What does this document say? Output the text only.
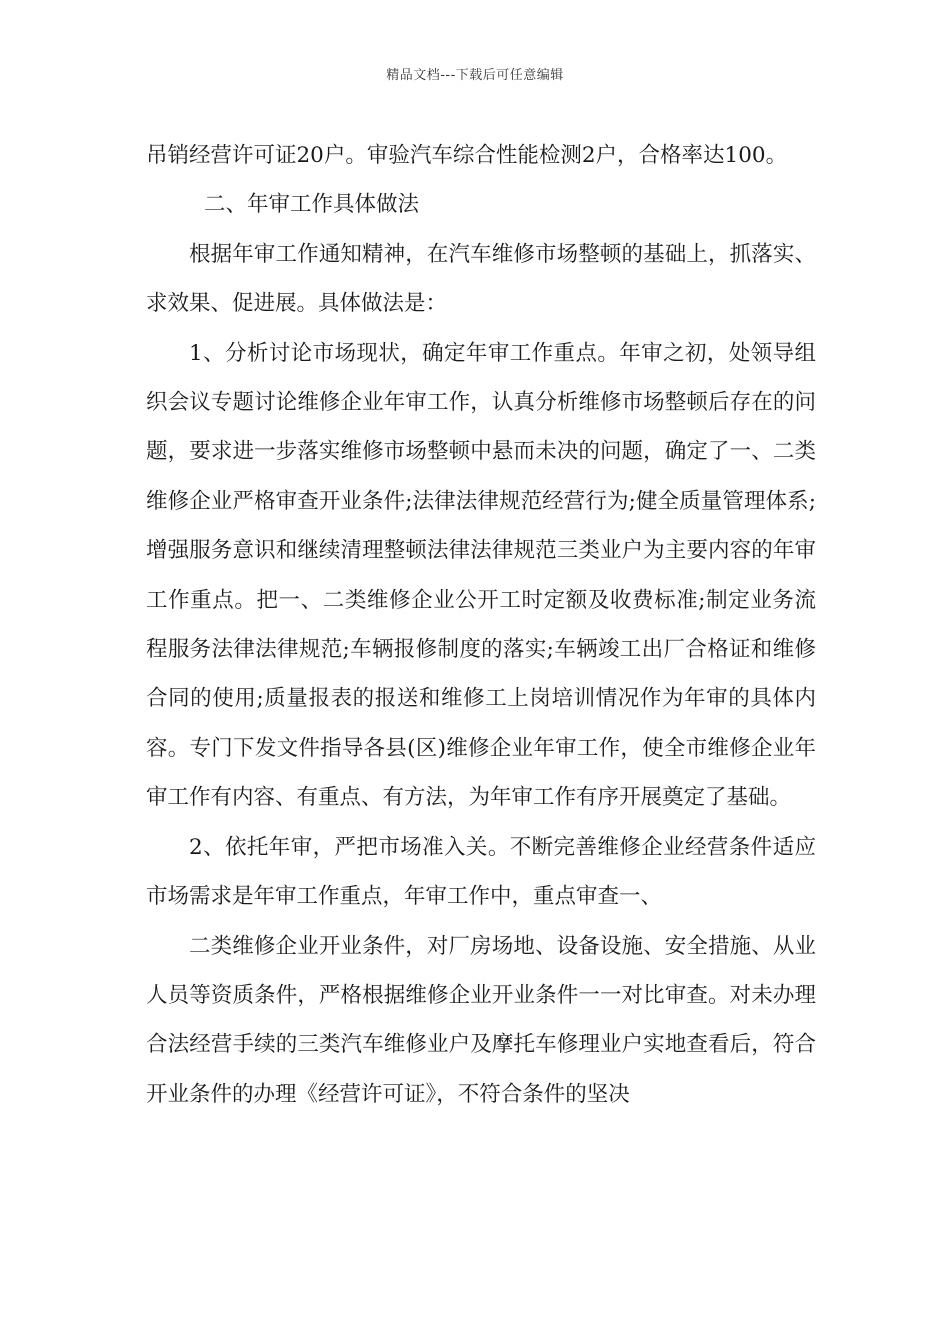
精品文档---下载后可任意编辑

吊销经营许可证20户。审验汽车综合性能检测2户，合格率达100。

二、年审工作具体做法

根据年审工作通知精神，在汽车维修市场整顿的基础上，抓落实、求效果、促进展。具体做法是：

1、分析讨论市场现状，确定年审工作重点。年审之初，处领导组织会议专题讨论维修企业年审工作，认真分析维修市场整顿后存在的问题，要求进一步落实维修市场整顿中悬而未决的问题，确定了一、二类维修企业严格审查开业条件;法律法律规范经营行为;健全质量管理体系;增强服务意识和继续清理整顿法律法律规范三类业户为主要内容的年审工作重点。把一、二类维修企业公开工时定额及收费标准;制定业务流程服务法律法律规范;车辆报修制度的落实;车辆竣工出厂合格证和维修合同的使用;质量报表的报送和维修工上岗培训情况作为年审的具体内容。专门下发文件指导各县(区)维修企业年审工作，使全市维修企业年审工作有内容、有重点、有方法，为年审工作有序开展奠定了基础。

2、依托年审，严把市场准入关。不断完善维修企业经营条件适应市场需求是年审工作重点，年审工作中，重点审查一、

二类维修企业开业条件，对厂房场地、设备设施、安全措施、从业人员等资质条件，严格根据维修企业开业条件一一对比审查。对未办理合法经营手续的三类汽车维修业户及摩托车修理业户实地查看后，符合开业条件的办理《经营许可证》，不符合条件的坚决
